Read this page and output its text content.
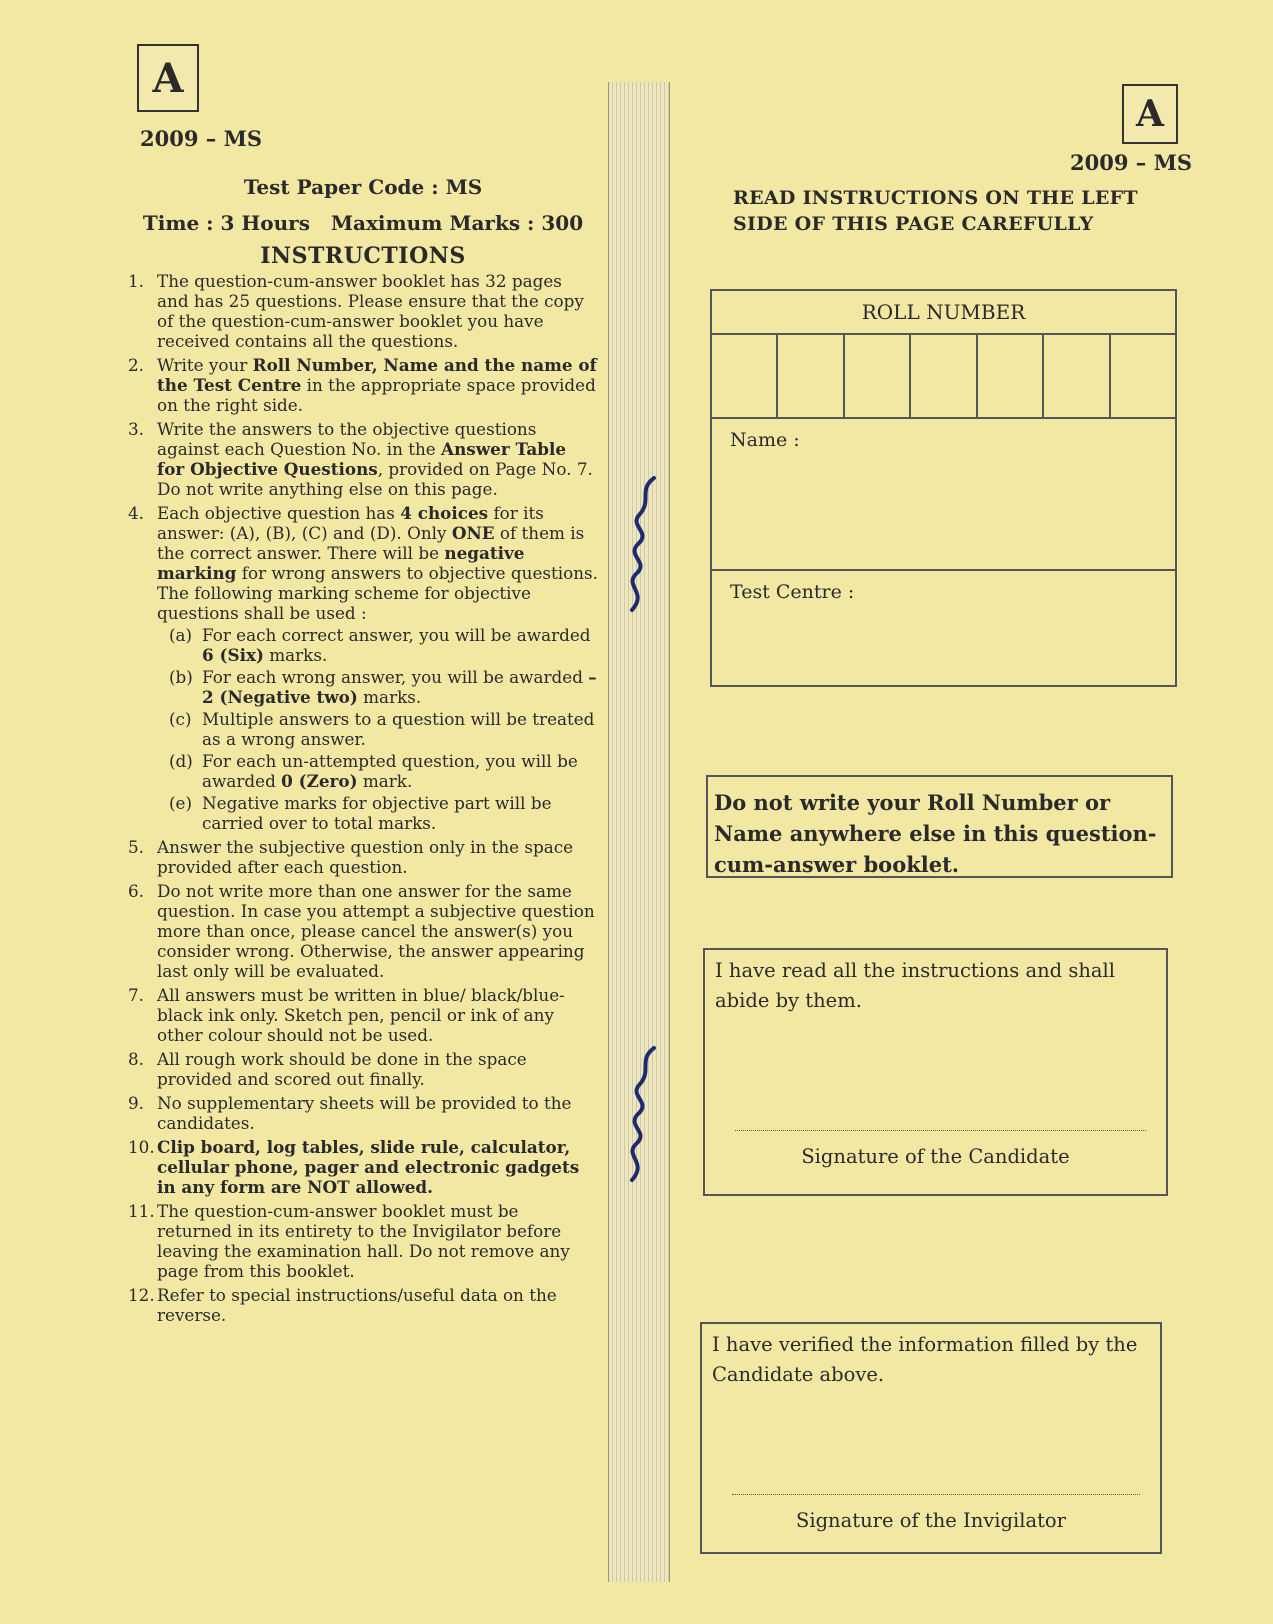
A
2009 – MS
Test Paper Code : MS
Time : 3 Hours Maximum Marks : 300
INSTRUCTIONS
1. The question-cum-answer booklet has 32 pages and has 25 questions. Please ensure that the copy of the question-cum-answer booklet you have received contains all the questions.
2. Write your Roll Number, Name and the name of the Test Centre in the appropriate space provided on the right side.
3. Write the answers to the objective questions against each Question No. in the Answer Table for Objective Questions, provided on Page No. 7. Do not write anything else on this page.
4. Each objective question has 4 choices for its answer: (A), (B), (C) and (D). Only ONE of them is the correct answer. There will be negative marking for wrong answers to objective questions. The following marking scheme for objective questions shall be used :
(a) For each correct answer, you will be awarded 6 (Six) marks.
(b) For each wrong answer, you will be awarded –2 (Negative two) marks.
(c) Multiple answers to a question will be treated as a wrong answer.
(d) For each un-attempted question, you will be awarded 0 (Zero) mark.
(e) Negative marks for objective part will be carried over to total marks.
5. Answer the subjective question only in the space provided after each question.
6. Do not write more than one answer for the same question. In case you attempt a subjective question more than once, please cancel the answer(s) you consider wrong. Otherwise, the answer appearing last only will be evaluated.
7. All answers must be written in blue/ black/blue-black ink only. Sketch pen, pencil or ink of any other colour should not be used.
8. All rough work should be done in the space provided and scored out finally.
9. No supplementary sheets will be provided to the candidates.
10. Clip board, log tables, slide rule, calculator, cellular phone, pager and electronic gadgets in any form are NOT allowed.
11. The question-cum-answer booklet must be returned in its entirety to the Invigilator before leaving the examination hall. Do not remove any page from this booklet.
12. Refer to special instructions/useful data on the reverse.
A
2009 – MS
READ INSTRUCTIONS ON THE LEFT SIDE OF THIS PAGE CAREFULLY
ROLL NUMBER
Name :
Test Centre :
Do not write your Roll Number or Name anywhere else in this question-cum-answer booklet.
I have read all the instructions and shall abide by them.
Signature of the Candidate
I have verified the information filled by the Candidate above.
Signature of the Invigilator
